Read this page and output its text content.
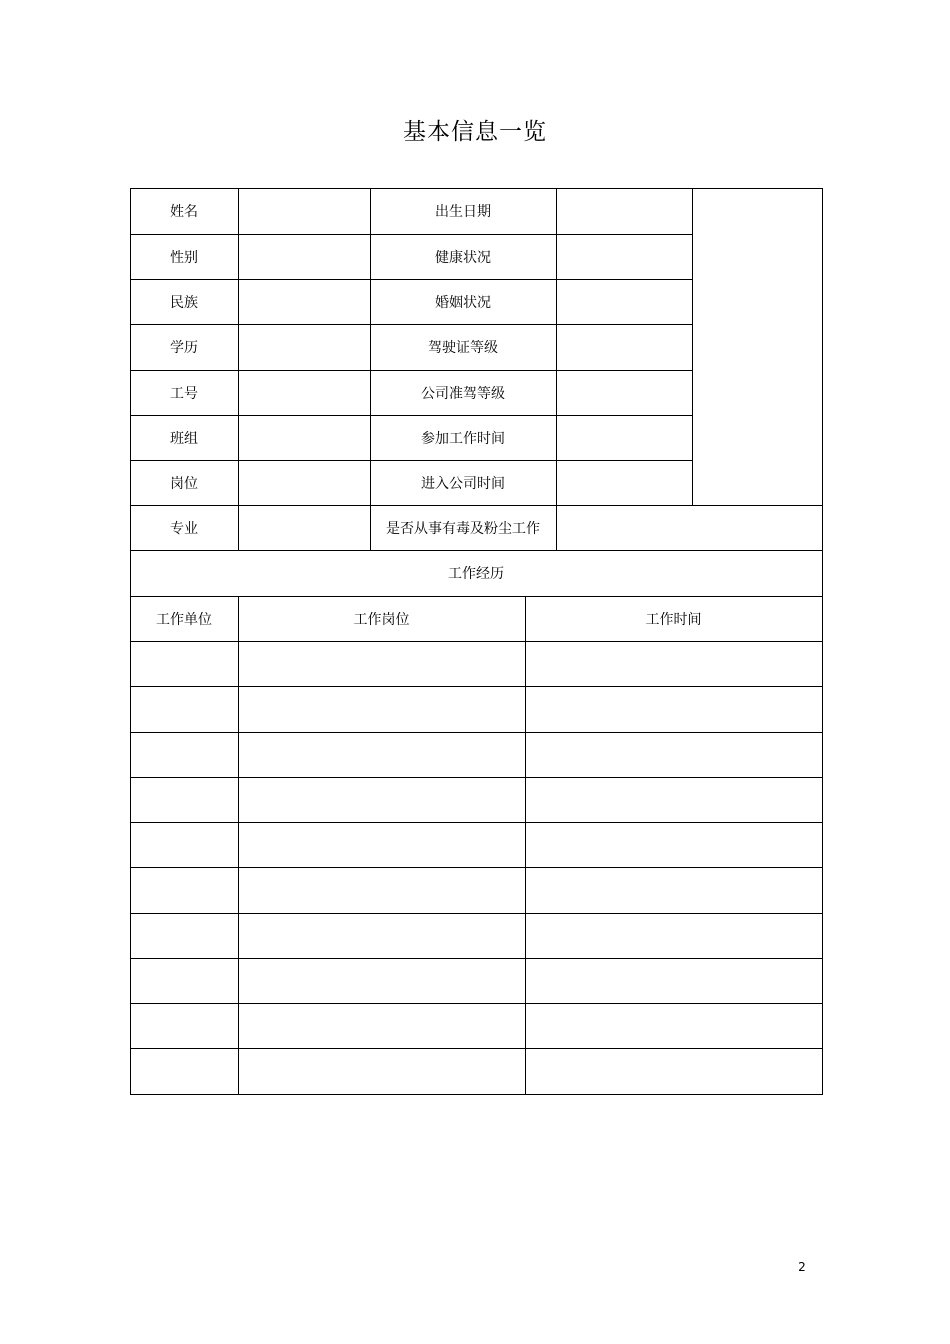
基本信息一览
姓名	出生日期
性别	健康状况
民族	婚姻状况
学历	驾驶证等级
工号	公司准驾等级
班组	参加工作时间
岗位	进入公司时间
专业	是否从事有毒及粉尘工作
工作经历
工作单位	工作岗位	工作时间
2
